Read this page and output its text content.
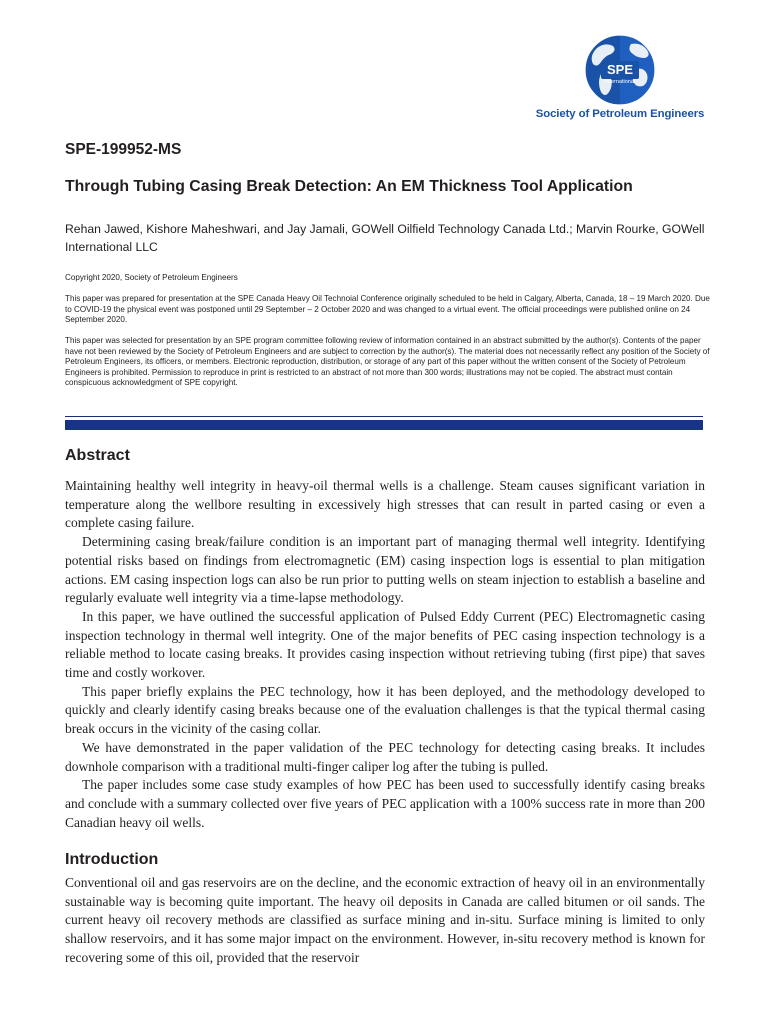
SPE
International
Society of Petroleum Engineers
SPE-199952-MS
Through Tubing Casing Break Detection: An EM Thickness Tool Application

Rehan Jawed, Kishore Maheshwari, and Jay Jamali, GOWell Oilfield Technology Canada Ltd.; Marvin Rourke, GOWell International LLC

Copyright 2020, Society of Petroleum Engineers

This paper was prepared for presentation at the SPE Canada Heavy Oil Technoial Conference originally scheduled to be held in Calgary, Alberta, Canada, 18 – 19 March 2020. Due to COVID-19 the physical event was postponed until 29 September – 2 October 2020 and was changed to a virtual event. The official proceedings were published online on 24 September 2020.

This paper was selected for presentation by an SPE program committee following review of information contained in an abstract submitted by the author(s). Contents of the paper have not been reviewed by the Society of Petroleum Engineers and are subject to correction by the author(s). The material does not necessarily reflect any position of the Society of Petroleum Engineers, its officers, or members. Electronic reproduction, distribution, or storage of any part of this paper without the written consent of the Society of Petroleum Engineers is prohibited. Permission to reproduce in print is restricted to an abstract of not more than 300 words; illustrations may not be copied. The abstract must contain conspicuous acknowledgment of SPE copyright.

Abstract

Maintaining healthy well integrity in heavy-oil thermal wells is a challenge. Steam causes significant variation in temperature along the wellbore resulting in excessively high stresses that can result in parted casing or even a complete casing failure.

Determining casing break/failure condition is an important part of managing thermal well integrity. Identifying potential risks based on findings from electromagnetic (EM) casing inspection logs is essential to plan mitigation actions. EM casing inspection logs can also be run prior to putting wells on steam injection to establish a baseline and regularly evaluate well integrity via a time-lapse methodology.

In this paper, we have outlined the successful application of Pulsed Eddy Current (PEC) Electromagnetic casing inspection technology in thermal well integrity. One of the major benefits of PEC casing inspection technology is a reliable method to locate casing breaks. It provides casing inspection without retrieving tubing (first pipe) that saves time and costly workover.

This paper briefly explains the PEC technology, how it has been deployed, and the methodology developed to quickly and clearly identify casing breaks because one of the evaluation challenges is that the typical thermal casing break occurs in the vicinity of the casing collar.

We have demonstrated in the paper validation of the PEC technology for detecting casing breaks. It includes downhole comparison with a traditional multi-finger caliper log after the tubing is pulled.

The paper includes some case study examples of how PEC has been used to successfully identify casing breaks and conclude with a summary collected over five years of PEC application with a 100% success rate in more than 200 Canadian heavy oil wells.

Introduction

Conventional oil and gas reservoirs are on the decline, and the economic extraction of heavy oil in an environmentally sustainable way is becoming quite important. The heavy oil deposits in Canada are called bitumen or oil sands. The current heavy oil recovery methods are classified as surface mining and in-situ. Surface mining is limited to only shallow reservoirs, and it has some major impact on the environment. However, in-situ recovery method is known for recovering some of this oil, provided that the reservoir
